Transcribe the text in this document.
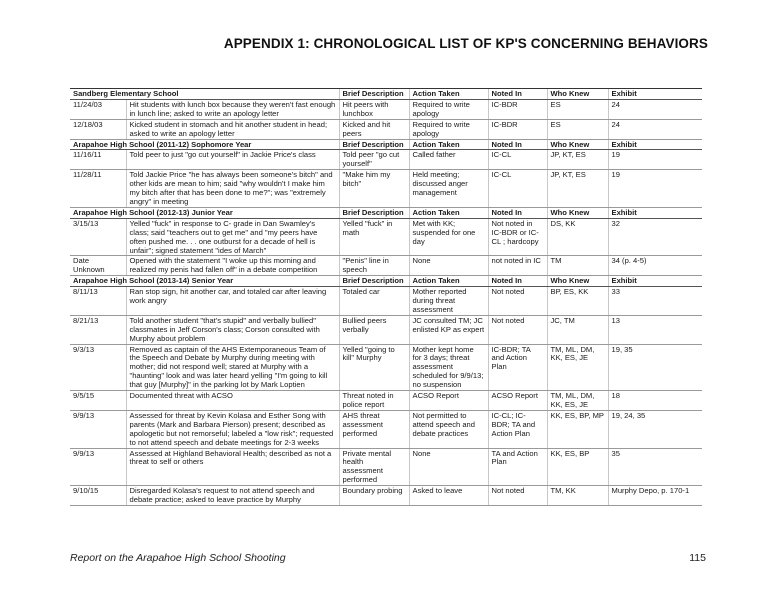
APPENDIX 1: CHRONOLOGICAL LIST OF KP'S CONCERNING BEHAVIORS
Sandberg Elementary School		Brief Description	Action Taken	Noted In	Who Knew	Exhibit
11/24/03	Hit students with lunch box because they weren't fast enough in lunch line; asked to write an apology letter	Hit peers with lunchbox	Required to write apology	IC-BDR	ES	24
12/18/03	Kicked student in stomach and hit another student in head; asked to write an apology letter	Kicked and hit peers	Required to write apology	IC-BDR	ES	24
Arapahoe High School (2011-12) Sophomore Year		Brief Description	Action Taken	Noted In	Who Knew	Exhibit
11/16/11	Told peer to just "go cut yourself" in Jackie Price's class	Told peer "go cut yourself"	Called father	IC-CL	JP, KT, ES	19
11/28/11	Told Jackie Price "he has always been someone's bitch" and other kids are mean to him; said "why wouldn't I make him my bitch after that has been done to me?"; was "extremely angry" in meeting	"Make him my bitch"	Held meeting; discussed anger management	IC-CL	JP, KT, ES	19
Arapahoe High School (2012-13) Junior Year		Brief Description	Action Taken	Noted In	Who Knew	Exhibit
3/15/13	Yelled "fuck" in response to C- grade in Dan Swamley's class; said "teachers out to get me" and "my peers have often pushed me. . . one outburst for a decade of hell is unfair"; signed statement "ides of March"	Yelled "fuck" in math	Met with KK; suspended for one day	Not noted in IC-BDR or IC-CL ; hardcopy	DS, KK	32
Date Unknown	Opened with the statement "I woke up this morning and realized my penis had fallen off" in a debate competition	"Penis" line in speech	None	not noted in IC	TM	34 (p. 4-5)
Arapahoe High School (2013-14) Senior Year		Brief Description	Action Taken	Noted In	Who Knew	Exhibit
8/11/13	Ran stop sign, hit another car, and totaled car after leaving work angry	Totaled car	Mother reported during threat assessment	Not noted	BP, ES, KK	33
8/21/13	Told another student "that's stupid" and verbally bullied" classmates in Jeff Corson's class; Corson consulted with Murphy about problem	Bullied peers verbally	JC consulted TM; JC enlisted KP as expert	Not noted	JC, TM	13
9/3/13	Removed as captain of the AHS Extemporaneous Team of the Speech and Debate by Murphy during meeting with mother; did not respond well; stared at Murphy with a "haunting" look and was later heard yelling "I'm going to kill that guy [Murphy]" in the parking lot by Mark Loptien	Yelled "going to kill" Murphy	Mother kept home for 3 days; threat assessment scheduled for 9/9/13; no suspension	IC-BDR; TA and Action Plan	TM, ML, DM, KK, ES, JE	19, 35
9/5/15	Documented threat with ACSO	Threat noted in police report	ACSO Report	ACSO Report	TM, ML, DM, KK, ES, JE	18
9/9/13	Assessed for threat by Kevin Kolasa and Esther Song with parents (Mark and Barbara Pierson) present; described as apologetic but not remorseful; labeled a "low risk"; requested to not attend speech and debate meetings for 2-3 weeks	AHS threat assessment performed	Not permitted to attend speech and debate practices	IC-CL; IC-BDR; TA and Action Plan	KK, ES, BP, MP	19, 24, 35
9/9/13	Assessed at Highland Behavioral Health; described as not a threat to self or others	Private mental health assessment performed	None	TA and Action Plan	KK, ES, BP	35
9/10/15	Disregarded Kolasa's request to not attend speech and debate practice; asked to leave practice by Murphy	Boundary probing	Asked to leave	Not noted	TM, KK	Murphy Depo, p. 170-1
Report on the Arapahoe High School Shooting	115
